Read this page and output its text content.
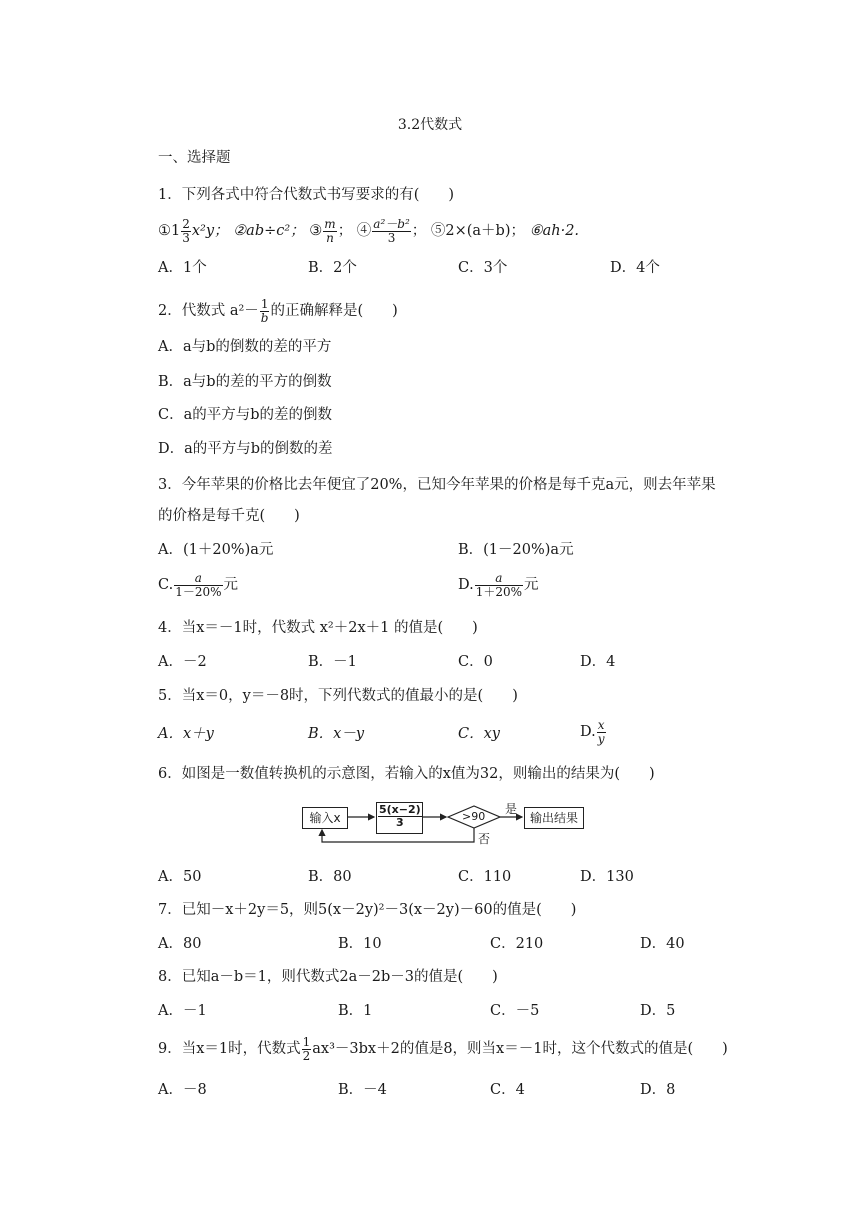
3.2代数式
一、选择题
1．下列各式中符合代数式书写要求的有(　　)
①1 $\frac{2}{3} x^2y$； ②ab÷c²； ③ $\frac{m}{n}$ ； ④ $\frac{\text{a²－b²}}{3}$ ； ⑤2×(a＋b)； ⑥ah·2.
A．1个	B．2个	C．3个	D．4个
2．代数式 $a^2- \frac{1}{b}$ 的正确解释是(　　)
A．a与b的倒数的差的平方
B．a与b的差的平方的倒数
C．a的平方与b的差的倒数
D．a的平方与b的倒数的差
3．今年苹果的价格比去年便宜了20%，已知今年苹果的价格是每千克a元，则去年苹果
的价格是每千克(　　)
A．(1＋20%)a元	B．(1－20%)a元
C. $\frac{a}{1-20\%}$ 元	D. $\frac{a}{1+20\%}$ 元
4．当x＝－1时，代数式 x²＋2x＋1 的值是(　　)
A．－2	B．－1	C．0	D．4
5．当x＝0，y＝－8时，下列代数式的值最小的是(　　)
A．x＋y	B．x－y	C．xy	D. $\frac{x}{y}$
6．如图是一数值转换机的示意图，若输入的x值为32，则输出的结果为(　　)
输入x	$\frac{5(x-2)}{3}$	>90
是
否
输出结果
A．50	B．80	C．110	D．130
7．已知－x＋2y＝5，则5(x－2y)²－3(x－2y)－60的值是(　　)
A．80	B．10	C．210	D．40
8．已知a－b＝1，则代数式2a－2b－3的值是(　　)
A．－1	B．1	C．－5	D．5
9．当x＝1时，代数式 $\frac{1}{2} ax^3-3bx+2$的值是8，则当x＝－1时，这个代数式的值是(　　)
A．－8	B．－4	C．4	D．8
